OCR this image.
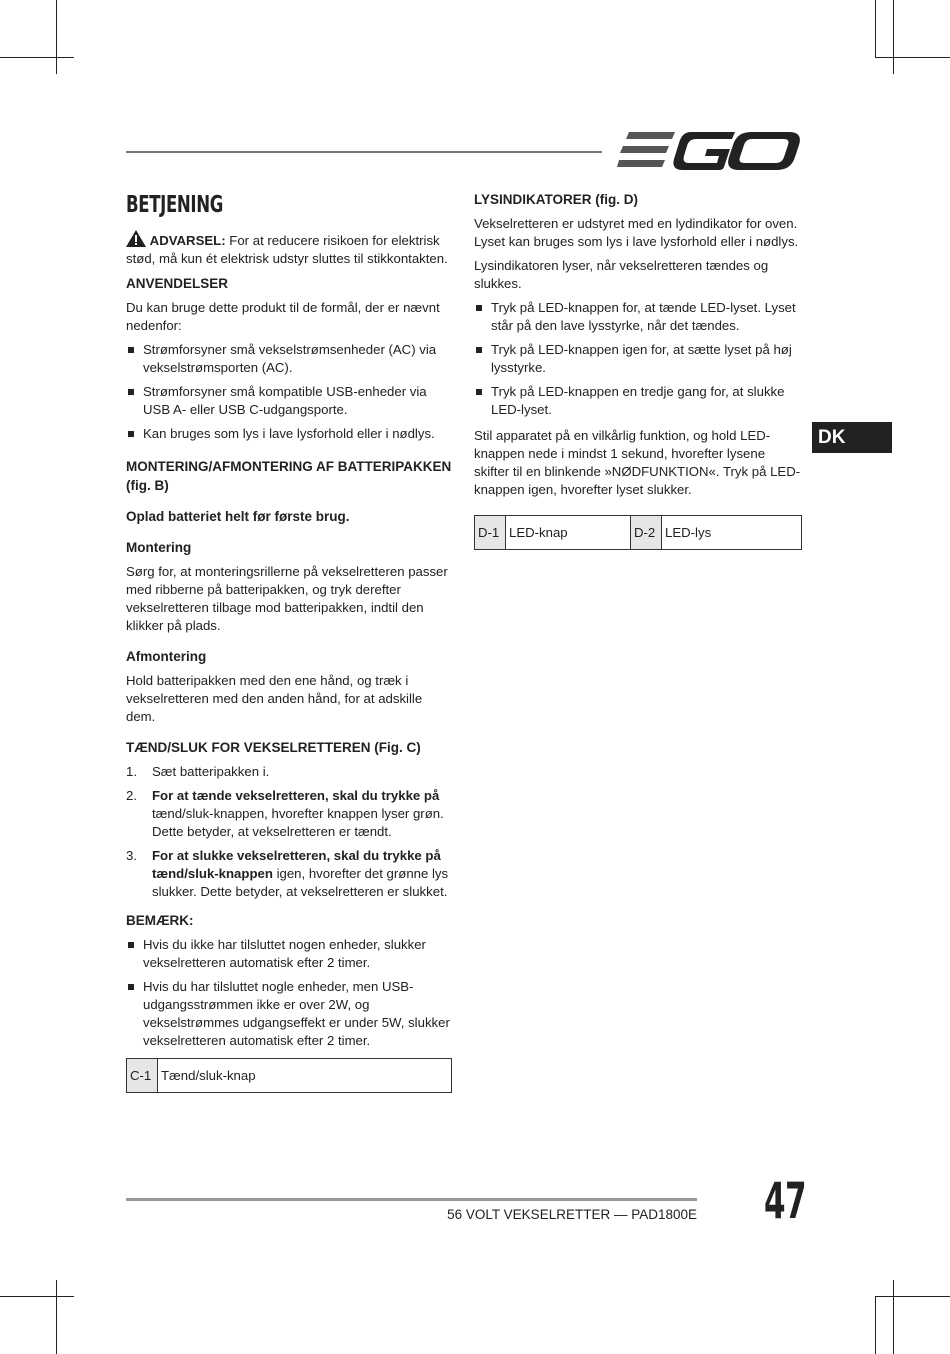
BETJENING

ADVARSEL: For at reducere risikoen for elektrisk stød, må kun ét elektrisk udstyr sluttes til stikkontakten.

ANVENDELSER

Du kan bruge dette produkt til de formål, der er nævnt nedenfor:

Strømforsyner små vekselstrømsenheder (AC) via vekselstrømsporten (AC).
Strømforsyner små kompatible USB-enheder via USB A- eller USB C-udgangsporte.
Kan bruges som lys i lave lysforhold eller i nødlys.
MONTERING/AFMONTERING AF BATTERIPAKKEN (fig. B)
Oplad batteriet helt før første brug.
Montering

Sørg for, at monteringsrillerne på vekselretteren passer med ribberne på batteripakken, og tryk derefter vekselretteren tilbage mod batteripakken, indtil den klikker på plads.

Afmontering

Hold batteripakken med den ene hånd, og træk i vekselretteren med den anden hånd, for at adskille dem.

TÆND/SLUK FOR VEKSELRETTEREN (Fig. C)
1. Sæt batteripakken i.
2. For at tænde vekselretteren, skal du trykke på tænd/sluk-knappen, hvorefter knappen lyser grøn. Dette betyder, at vekselretteren er tændt.
3. For at slukke vekselretteren, skal du trykke på tænd/sluk-knappen igen, hvorefter det grønne lys slukker. Dette betyder, at vekselretteren er slukket.
BEMÆRK:
Hvis du ikke har tilsluttet nogen enheder, slukker vekselretteren automatisk efter 2 timer.
Hvis du har tilsluttet nogle enheder, men USB-udgangsstrømmen ikke er over 2W, og vekselstrømmes udgangseffekt er under 5W, slukker vekselretteren automatisk efter 2 timer.
C-1	Tænd/sluk-knap
LYSINDIKATORER (fig. D)

Vekselretteren er udstyret med en lydindikator for oven. Lyset kan bruges som lys i lave lysforhold eller i nødlys.

Lysindikatoren lyser, når vekselretteren tændes og slukkes.

Tryk på LED-knappen for, at tænde LED-lyset. Lyset står på den lave lysstyrke, når det tændes.
Tryk på LED-knappen igen for, at sætte lyset på høj lysstyrke.
Tryk på LED-knappen en tredje gang for, at slukke LED-lyset.

Stil apparatet på en vilkårlig funktion, og hold LED-knappen nede i mindst 1 sekund, hvorefter lysene skifter til en blinkende »NØDFUNKTION«. Tryk på LED-knappen igen, hvorefter lyset slukker.

D-1	LED-knap	D-2	LED-lys
DK
56 VOLT VEKSELRETTER — PAD1800E 47
